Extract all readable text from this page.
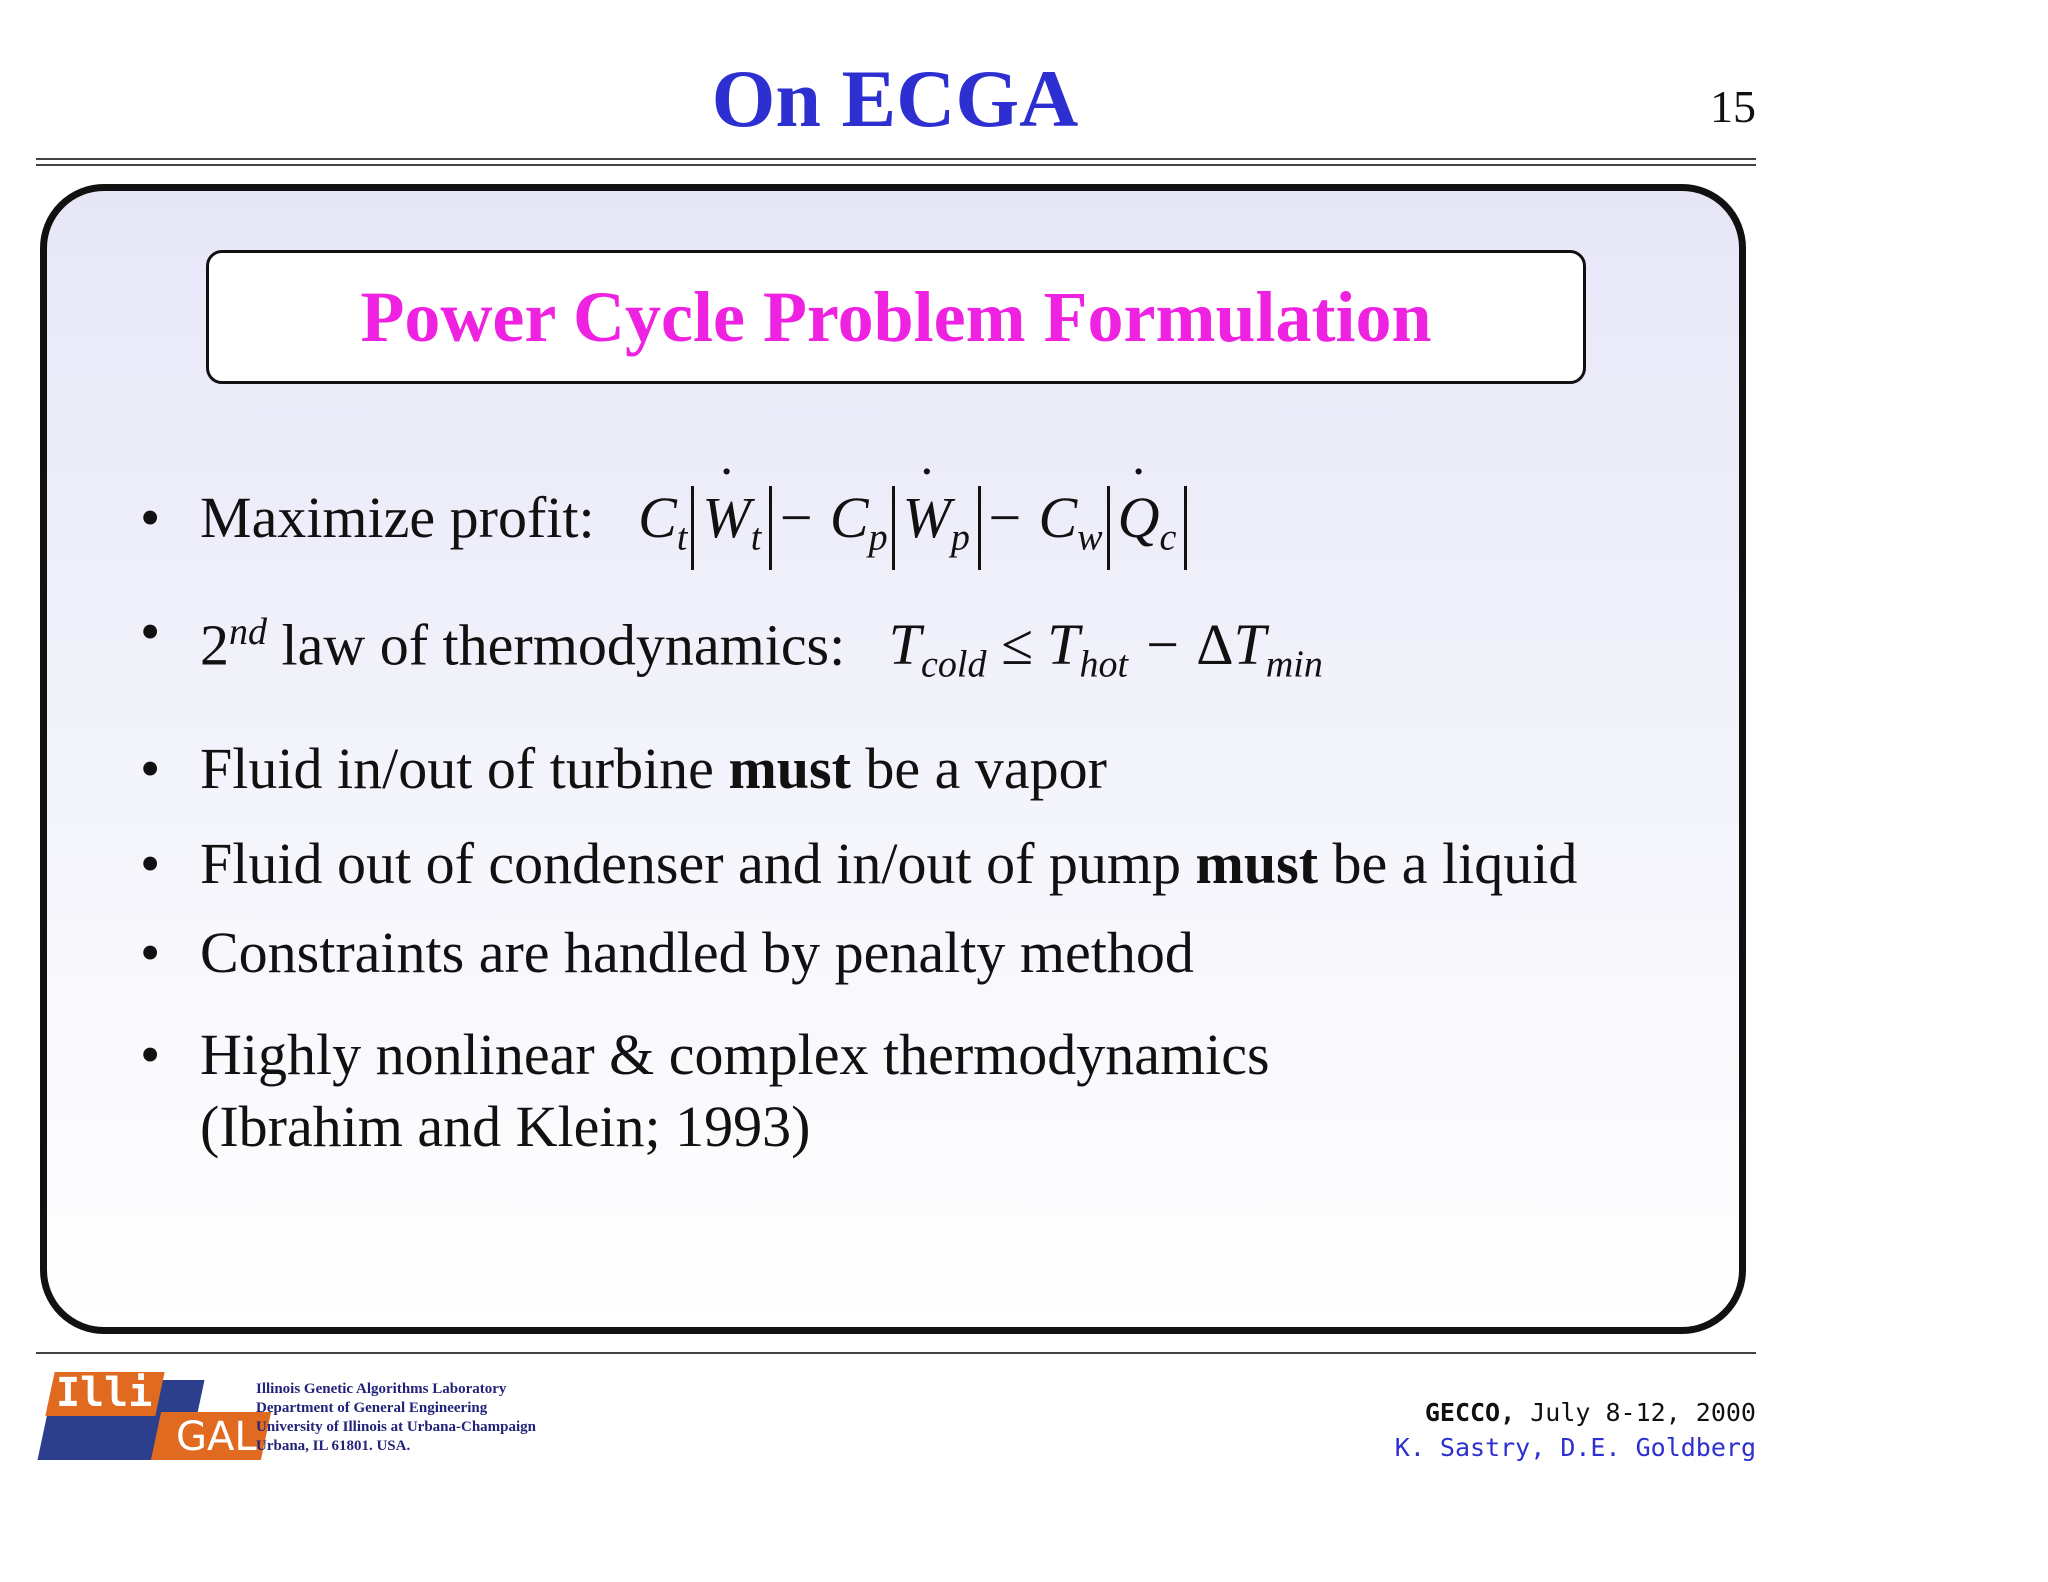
On ECGA	15
Power Cycle Problem Formulation
• Maximize profit: $C_t$ W $˙_t - C_p$ W $˙_p - C_w$ Q $˙_c$
• 2nd law of thermodynamics: $T_{cold} \le T_{hot} - \Delta T_{min}$
• Fluid in/out of turbine must be a vapor
• Fluid out of condenser and in/out of pump must be a liquid
• Constraints are handled by penalty method
• Highly nonlinear & complex thermodynamics
(Ibrahim and Klein; 1993)
Illi
GAL
Illinois Genetic Algorithms Laboratory
Department of General Engineering
University of Illinois at Urbana-Champaign
Urbana, IL 61801. USA.
GECCO, July 8-12, 2000
K. Sastry, D.E. Goldberg
